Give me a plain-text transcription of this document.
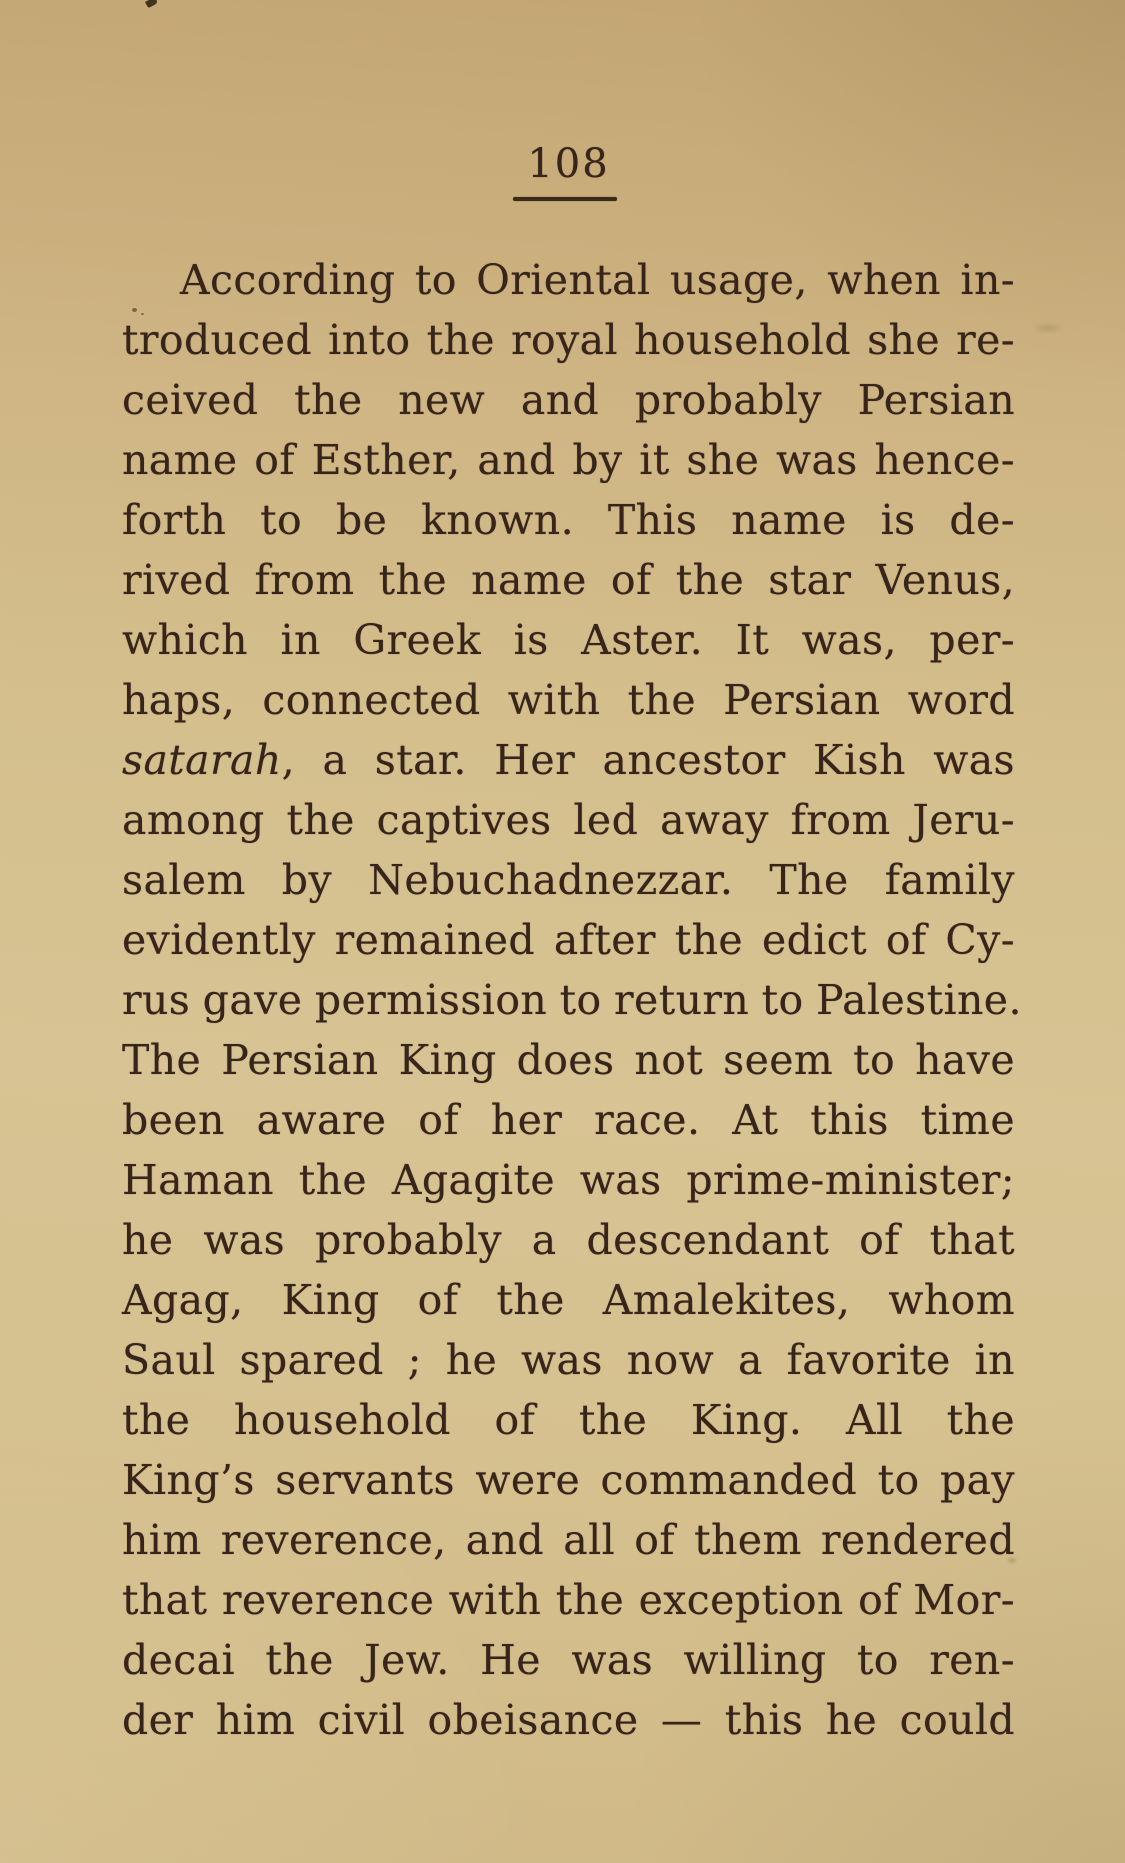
108

According to Oriental usage, when in-

troduced into the royal household she re-

ceived the new and probably Persian

name of Esther, and by it she was hence-

forth to be known. This name is de-

rived from the name of the star Venus,

which in Greek is Aster. It was, per-

haps, connected with the Persian word

satarah, a star. Her ancestor Kish was

among the captives led away from Jeru-

salem by Nebuchadnezzar. The family

evidently remained after the edict of Cy-

rus gave permission to return to Palestine.

The Persian King does not seem to have

been aware of her race. At this time

Haman the Agagite was prime-minister;

he was probably a descendant of that

Agag, King of the Amalekites, whom

Saul spared ; he was now a favorite in

the household of the King. All the

King’s servants were commanded to pay

him reverence, and all of them rendered

that reverence with the exception of Mor-

decai the Jew. He was willing to ren-

der him civil obeisance — this he could
